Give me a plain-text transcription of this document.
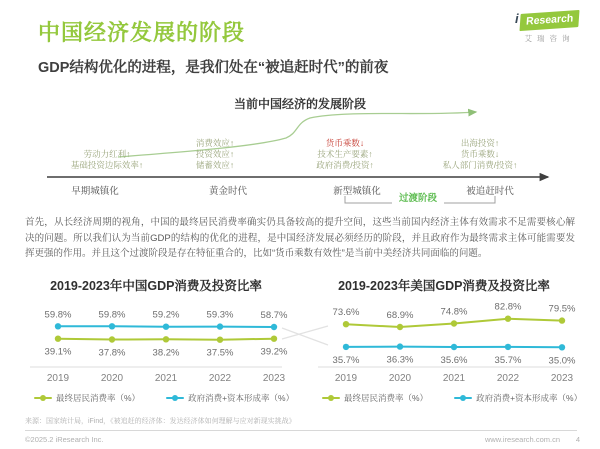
中国经济发展的阶段
GDP结构优化的进程，是我们处在“被追赶时代”的前夜
i Research
艾瑞咨询
当前中国经济的发展阶段
劳动力红利↑
基础投资边际效率↑
消费效应↑
投资效应↑
储蓄效应↑
货币乘数↓
技术生产要素↑
政府消费/投资↑
出海投资↑
货币乘数↓
私人部门消费/投资↑
早期城镇化	黄金时代	新型城镇化	被追赶时代
过渡阶段
首先，从长经济周期的视角，中国的最终居民消费率确实仍具备较高的提升空间，这些当前国内经济主体有效需求不足需要核心解决的问题。所以我们认为当前GDP的结构的优化的进程，是中国经济发展必须经历的阶段，并且政府作为最终需求主体可能需要发挥更强的作用。并且这个过渡阶段是存在特征重合的，比如“货币乘数有效性”是当前中美经济共同面临的问题。
2019-2023年中国GDP消费及投资比率
2019	2020	2021	2022	2023
39.1%	37.8%	38.2%	37.5%	39.2%
59.8%	59.8%	59.2%	59.3%	58.7%
最终居民消费率（%）	政府消费+资本形成率（%）
2019-2023年美国GDP消费及投资比率
2019	2020	2021	2022	2023
73.6%	68.9%	74.8%	82.8%	79.5%
35.7%	36.3%	35.6%	35.7%	35.0%
最终居民消费率（%）	政府消费+资本形成率（%）
来源：国家统计局，iFind，《被追赶的经济体：发达经济体如何理解与应对新现实挑战》
©2025.2 iResearch Inc.	www.iresearch.com.cn 4
